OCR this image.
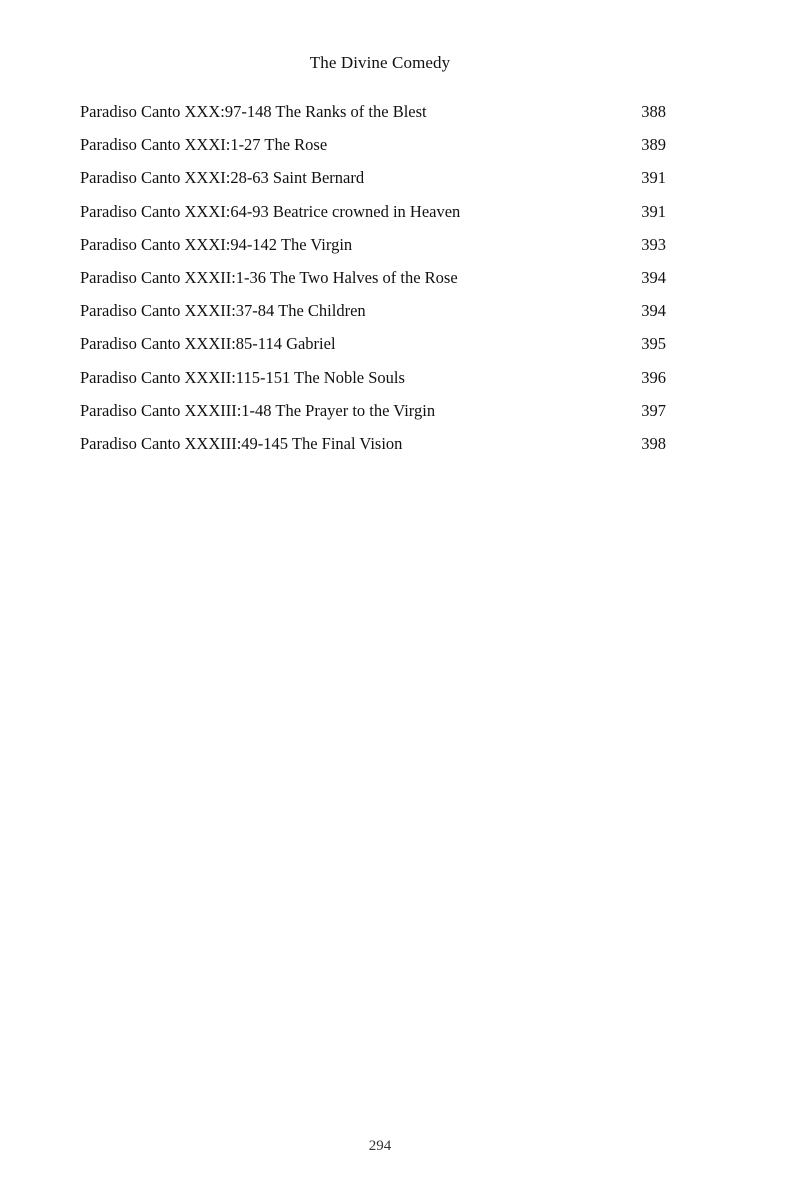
The Divine Comedy
Paradiso Canto XXX:97-148 The Ranks of the Blest	388
Paradiso Canto XXXI:1-27 The Rose	389
Paradiso Canto XXXI:28-63 Saint Bernard	391
Paradiso Canto XXXI:64-93 Beatrice crowned in Heaven	391
Paradiso Canto XXXI:94-142 The Virgin	393
Paradiso Canto XXXII:1-36 The Two Halves of the Rose	394
Paradiso Canto XXXII:37-84 The Children	394
Paradiso Canto XXXII:85-114 Gabriel	395
Paradiso Canto XXXII:115-151 The Noble Souls	396
Paradiso Canto XXXIII:1-48 The Prayer to the Virgin	397
Paradiso Canto XXXIII:49-145 The Final Vision	398
294
